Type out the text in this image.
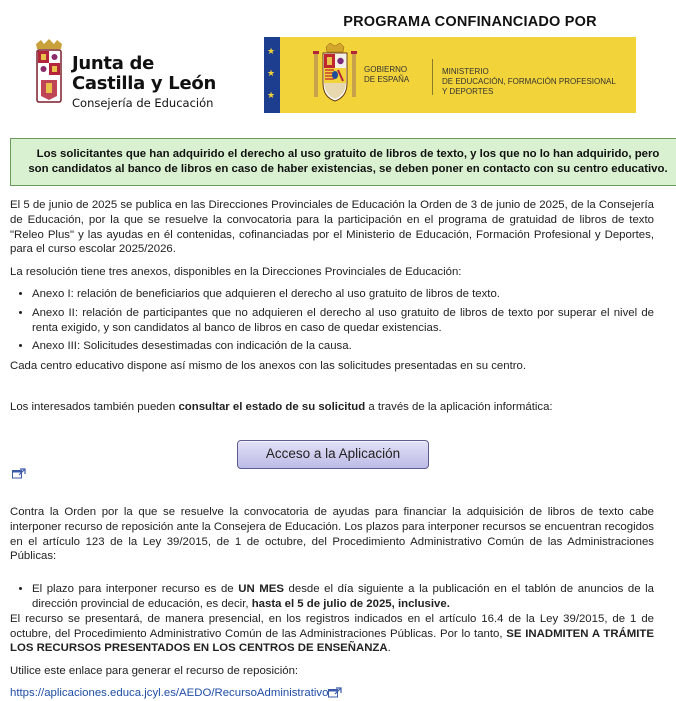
Junta de
Castilla y León
Consejería de Educación
PROGRAMA CONFINANCIADO POR
★
★
★
GOBIERNO
DE ESPAÑA
MINISTERIO
DE EDUCACIÓN, FORMACIÓN PROFESIONAL
Y DEPORTES
Los solicitantes que han adquirido el derecho al uso gratuito de libros de texto, y los que no lo han adquirido, pero son candidatos al banco de libros en caso de haber existencias, se deben poner en contacto con su centro educativo.

El 5 de junio de 2025 se publica en las Direcciones Provinciales de Educación la Orden de 3 de junio de 2025, de la Consejería de Educación, por la que se resuelve la convocatoria para la participación en el programa de gratuidad de libros de texto "Releo Plus" y las ayudas en él contenidas, cofinanciadas por el Ministerio de Educación, Formación Profesional y Deportes, para el curso escolar 2025/2026.

La resolución tiene tres anexos, disponibles en la Direcciones Provinciales de Educación:

• Anexo I: relación de beneficiarios que adquieren el derecho al uso gratuito de libros de texto.
• Anexo II: relación de participantes que no adquieren el derecho al uso gratuito de libros de texto por superar el nivel de renta exigido, y son candidatos al banco de libros en caso de quedar existencias.
• Anexo III: Solicitudes desestimadas con indicación de la causa.

Cada centro educativo dispone así mismo de los anexos con las solicitudes presentadas en su centro.

Los interesados también pueden consultar el estado de su solicitud a través de la aplicación informática:

Acceso a la Aplicación

Contra la Orden por la que se resuelve la convocatoria de ayudas para financiar la adquisición de libros de texto cabe interponer recurso de reposición ante la Consejera de Educación. Los plazos para interponer recursos se encuentran recogidos en el artículo 123 de la Ley 39/2015, de 1 de octubre, del Procedimiento Administrativo Común de las Administraciones Públicas:

• El plazo para interponer recurso es de UN MES desde el día siguiente a la publicación en el tablón de anuncios de la dirección provincial de educación, es decir, hasta el 5 de julio de 2025, inclusive.

El recurso se presentará, de manera presencial, en los registros indicados en el artículo 16.4 de la Ley 39/2015, de 1 de octubre, del Procedimiento Administrativo Común de las Administraciones Públicas. Por lo tanto, SE INADMITEN A TRÁMITE LOS RECURSOS PRESENTADOS EN LOS CENTROS DE ENSEÑANZA.

Utilice este enlace para generar el recurso de reposición:

https://aplicaciones.educa.jcyl.es/AEDO/RecursoAdministrativo
